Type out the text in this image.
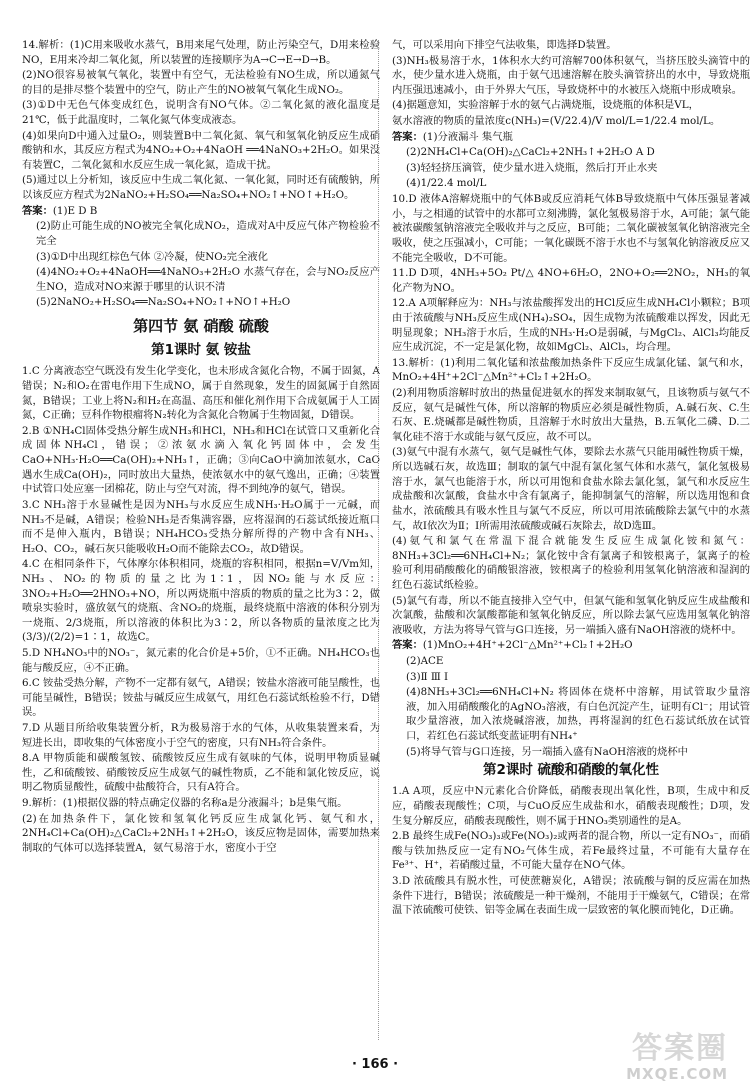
14.解析：(1)C用来吸收水蒸气，B用来尾气处理，防止污染空气，D用来检验NO，E用来冷却二氧化氮，所以装置的连接顺序为A→C→E→D→B。

(2)NO很容易被氧气氧化，装置中有空气，无法检验有NO生成，所以通氮气的目的是排尽整个装置中的空气，防止产生的NO被氧气氧化生成NO₂。

(3)①D中无色气体变成红色，说明含有NO气体。②二氧化氮的液化温度是21℃，低于此温度时，二氧化氮气体变成液态。

(4)如果向D中通入过量O₂，则装置B中二氧化氮、氧气和氢氧化钠反应生成硝酸钠和水，其反应方程式为4NO₂+O₂+4NaOH ══4NaNO₃+2H₂O。如果没有装置C，二氧化氮和水反应生成一氧化氮，造成干扰。

(5)通过以上分析知，该反应中生成二氧化氮、一氧化氮，同时还有硫酸钠，所以该反应方程式为2NaNO₂+H₂SO₄══Na₂SO₄+NO₂↑+NO↑+H₂O。

答案：(1)E D B

(2)防止可能生成的NO被完全氧化成NO₂，造成对A中反应气体产物检验不完全

(3)①D中出现红棕色气体 ②冷凝，使NO₂完全液化

(4)4NO₂+O₂+4NaOH══4NaNO₃+2H₂O 水蒸气存在，会与NO₂反应产生NO，造成对NO来源于哪里的认识不清

(5)2NaNO₂+H₂SO₄══Na₂SO₄+NO₂↑+NO↑+H₂O

第四节 氨 硝酸 硫酸
第1课时 氨 铵盐

1.C 分离液态空气既没有发生化学变化，也未形成含氮化合物，不属于固氮，A错误；N₂和O₂在雷电作用下生成NO，属于自然现象，发生的固氮属于自然固氮，B错误；工业上将N₂和H₂在高温、高压和催化剂作用下合成氨属于人工固氮，C正确；豆科作物根瘤将N₂转化为含氮化合物属于生物固氮，D错误。

2.B ①NH₄Cl固体受热分解生成NH₃和HCl，NH₃和HCl在试管口又重新化合成固体NH₄Cl，错误；②浓氨水滴入氧化钙固体中，会发生CaO+NH₃·H₂O══Ca(OH)₂+NH₃↑，正确；③向CaO中滴加浓氨水，CaO遇水生成Ca(OH)₂，同时放出大量热，使浓氨水中的氨气逸出，正确；④装置中试管口处应塞一团棉花，防止与空气对流，得不到纯净的氨气，错误。

3.C NH₃溶于水显碱性是因为NH₃与水反应生成NH₃·H₂O属于一元碱，而NH₃不是碱，A错误；检验NH₃是否集满容器，应将湿润的石蕊试纸接近瓶口而不是伸入瓶内，B错误；NH₄HCO₃受热分解所得的产物中含有NH₃、H₂O、CO₂，碱石灰只能吸收H₂O而不能除去CO₂，故D错误。

4.C 在相同条件下，气体摩尔体积相同，烧瓶的容积相同，根据n=V/Vm知，NH₃、NO₂的物质的量之比为1∶1，因NO₂能与水反应：3NO₂+H₂O══2HNO₃+NO，所以两烧瓶中溶质的物质的量之比为3∶2，做喷泉实验时，盛放氨气的烧瓶、含NO₂的烧瓶，最终烧瓶中溶液的体积分别为一烧瓶、2/3烧瓶，所以溶液的体积比为3∶2，所以各物质的量浓度之比为(3/3)/(2/2)=1∶1，故选C。

5.D NH₄NO₃中的NO₃⁻，氮元素的化合价是+5价，①不正确。NH₄HCO₃也能与酸反应，④不正确。

6.C 铵盐受热分解，产物不一定都有氨气，A错误；铵盐水溶液可能呈酸性，也可能呈碱性，B错误；铵盐与碱反应生成氨气，用红色石蕊试纸检验不行，D错误。

7.D 从题目所给收集装置分析，R为极易溶于水的气体，从收集装置来看，为短进长出，即收集的气体密度小于空气的密度，只有NH₃符合条件。

8.A 甲物质能和碳酸氢铵、硫酸铵反应生成有氨味的气体，说明甲物质显碱性，乙和硫酸铵、硝酸铵反应生成氨气的碱性物质，乙不能和氯化铵反应，说明乙物质显酸性，硫酸中盐酸符合，只有A符合。

9.解析：(1)根据仪器的特点确定仪器的名称a是分液漏斗；b是集气瓶。

(2)在加热条件下，氯化铵和氢氧化钙反应生成氯化钙、氨气和水，2NH₄Cl+Ca(OH)₂△CaCl₂+2NH₃↑+2H₂O，该反应物是固体，需要加热来制取的气体可以选择装置A，氨气易溶于水，密度小于空

气，可以采用向下排空气法收集，即选择D装置。

(3)NH₃极易溶于水，1体积水大约可溶解700体积氨气，当挤压胶头滴管中的水，使少量水进入烧瓶，由于氨气迅速溶解在胶头滴管挤出的水中，导致烧瓶内压强迅速减小，由于外界大气压，导致烧杯中的水被压入烧瓶中形成喷泉。

(4)据题意知，实验溶解于水的氨气占满烧瓶，设烧瓶的体积是VL，

氨水溶液的物质的量浓度c(NH₃)=(V/22.4)/V mol/L=1/22.4 mol/L。

答案：(1)分液漏斗 集气瓶

(2)2NH₄Cl+Ca(OH)₂△CaCl₂+2NH₃↑+2H₂O A D

(3)轻轻挤压滴管，使少量水进入烧瓶，然后打开止水夹

(4)1/22.4 mol/L

10.D 液体A溶解烧瓶中的气体B或反应消耗气体B导致烧瓶中气体压强显著减小，与之相通的试管中的水都可立刻沸腾，氯化氢极易溶于水，A可能；氯气能被浓碳酸氢钠溶液完全吸收并与之反应，B可能；二氧化碳被氢氧化钠溶液完全吸收，使之压强减小，C可能；一氧化碳既不溶于水也不与氢氧化钠溶液反应又不能完全吸收，D不可能。

11.D D项，4NH₃+5O₂ Pt/△ 4NO+6H₂O，2NO+O₂══2NO₂，NH₃的氧化产物为NO。

12.A A项解释应为：NH₃与浓盐酸挥发出的HCl反应生成NH₄Cl小颗粒；B项由于浓硫酸与NH₃反应生成(NH₄)₂SO₄，因生成物为浓硫酸难以挥发，因此无明显现象；NH₃溶于水后，生成的NH₃·H₂O是弱碱，与MgCl₂、AlCl₃均能反应生成沉淀，不一定是氯化物，故如MgCl₂、AlCl₃，均合理。

13.解析：(1)利用二氧化锰和浓盐酸加热条件下反应生成氯化锰、氯气和水，MnO₂+4H⁺+2Cl⁻△Mn²⁺+Cl₂↑+2H₂O。

(2)利用物质溶解时放出的热量促进氨水的挥发来制取氨气，且该物质与氨气不反应，氨气是碱性气体，所以溶解的物质应必须是碱性物质，A.碱石灰、C.生石灰、E.烧碱都是碱性物质，且溶解于水时放出大量热，B.五氧化二磷、D.二氧化硅不溶于水或能与氨气反应，故不可以。

(3)氨气中混有水蒸气，氨气是碱性气体，要除去水蒸气只能用碱性物质干燥，所以选碱石灰，故选Ⅲ；制取的氯气中混有氯化氢气体和水蒸气，氯化氢极易溶于水，氯气也能溶于水，所以可用饱和食盐水除去氯化氢，氯气和水反应生成盐酸和次氯酸，食盐水中含有氯离子，能抑制氯气的溶解，所以选用饱和食盐水，浓硫酸具有吸水性且与氯气不反应，所以可用浓硫酸除去氯气中的水蒸气，故Ⅰ依次为Ⅱ；Ⅰ所需用浓硫酸或碱石灰除去，故D选Ⅲ。

(4)氨气和氯气在常温下混合就能发生反应生成氯化铵和氮气：8NH₃+3Cl₂══6NH₄Cl+N₂；氯化铵中含有氯离子和铵根离子，氯离子的检验可利用硝酸酸化的硝酸银溶液，铵根离子的检验利用氢氧化钠溶液和湿润的红色石蕊试纸检验。

(5)氯气有毒，所以不能直接排入空气中，但氯气能和氢氧化钠反应生成盐酸和次氯酸，盐酸和次氯酸都能和氢氧化钠反应，所以除去氯气应选用氢氧化钠溶液吸收，方法为将导气管与G口连接，另一端插入盛有NaOH溶液的烧杯中。

答案：(1)MnO₂+4H⁺+2Cl⁻△Mn²⁺+Cl₂↑+2H₂O

(2)ACE

(3)Ⅱ Ⅲ Ⅰ

(4)8NH₃+3Cl₂══6NH₄Cl+N₂ 将固体在烧杯中溶解，用试管取少量溶液，加入用硝酸酸化的AgNO₃溶液，有白色沉淀产生，证明有Cl⁻；用试管取少量溶液，加入浓烧碱溶液，加热，再将湿润的红色石蕊试纸放在试管口，若红色石蕊试纸变蓝证明有NH₄⁺

(5)将导气管与G口连接，另一端插入盛有NaOH溶液的烧杯中

第2课时 硫酸和硝酸的氧化性

1.A A项，反应中N元素化合价降低，硝酸表现出氧化性，B项，生成中和反应，硝酸表现酸性；C项，与CuO反应生成盐和水，硝酸表现酸性；D项，发生复分解反应，硝酸表现酸性，则不属于HNO₃类别通性的是A。

2.B 最终生成Fe(NO₃)₃或Fe(NO₃)₂或两者的混合物，所以一定有NO₃⁻，而硝酸与铁加热反应一定有NO₂气体生成，若Fe最终过量，不可能有大量存在Fe³⁺、H⁺，若硝酸过量，不可能大量存在NO气体。

3.D 浓硫酸具有脱水性，可使蔗糖炭化，A错误；浓硫酸与铜的反应需在加热条件下进行，B错误；浓硫酸是一种干燥剂，不能用于干燥氨气，C错误；在常温下浓硫酸可使铁、铝等金属在表面生成一层致密的氧化膜而钝化，D正确。

· 166 ·	答案圈
MXQE.COM
